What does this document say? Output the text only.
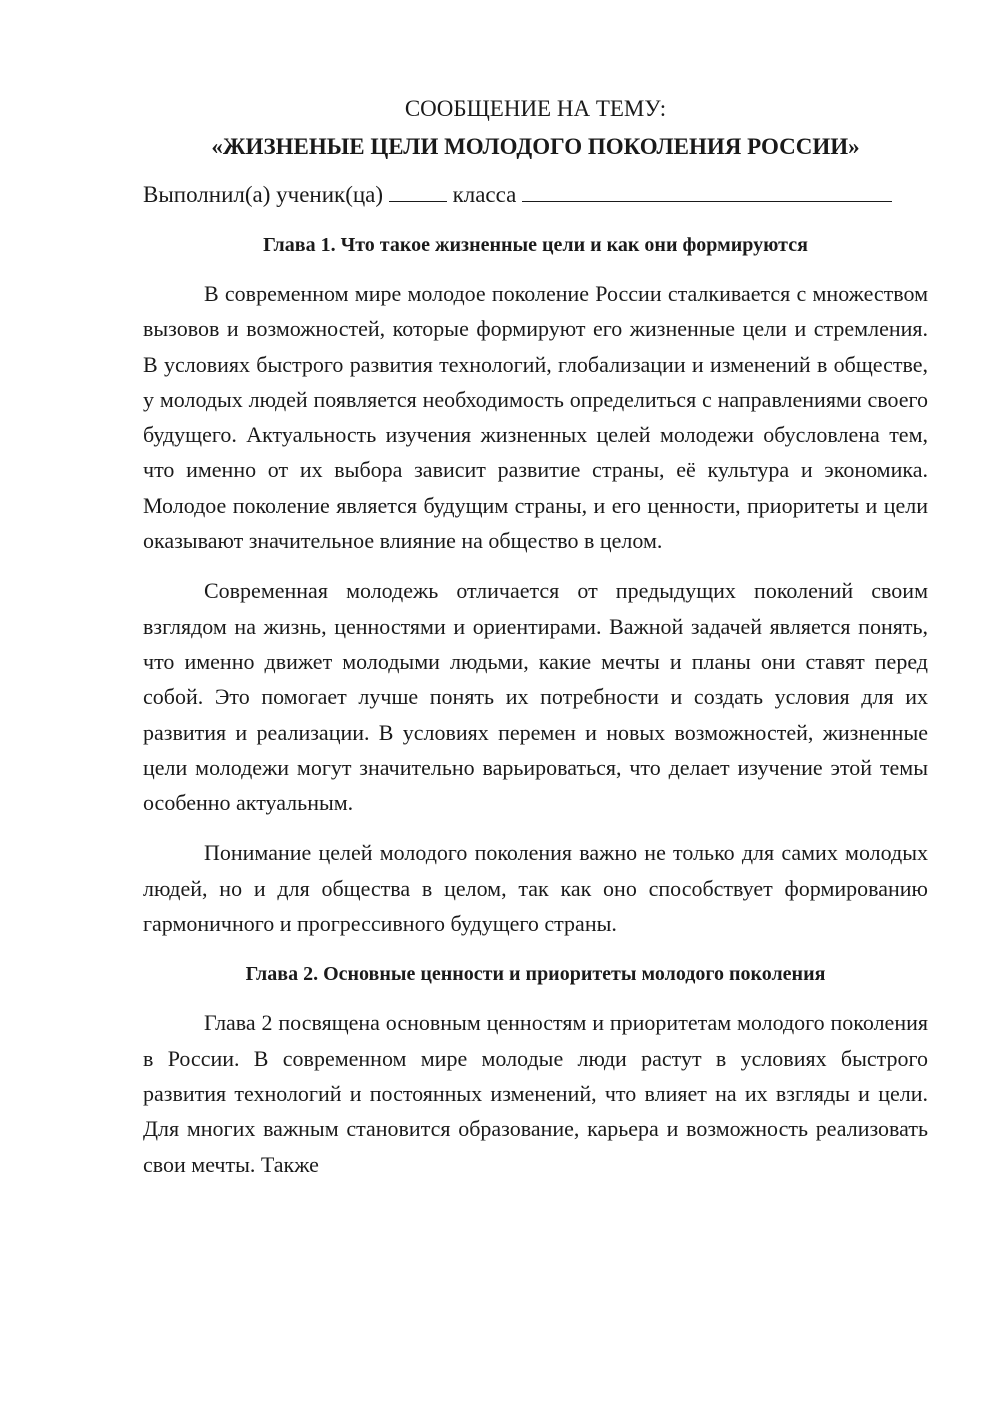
СООБЩЕНИЕ НА ТЕМУ:

«ЖИЗНЕНЫЕ ЦЕЛИ МОЛОДОГО ПОКОЛЕНИЯ РОССИИ»

Выполнил(а) ученик(ца)	класса

Глава 1. Что такое жизненные цели и как они формируются

В современном мире молодое поколение России сталкивается с множеством вызовов и возможностей, которые формируют его жизненные цели и стремления. В условиях быстрого развития технологий, глобализации и изменений в обществе, у молодых людей появляется необходимость определиться с направлениями своего будущего. Актуальность изучения жизненных целей молодежи обусловлена тем, что именно от их выбора зависит развитие страны, её культура и экономика. Молодое поколение является будущим страны, и его ценности, приоритеты и цели оказывают значительное влияние на общество в целом.

Современная молодежь отличается от предыдущих поколений своим взглядом на жизнь, ценностями и ориентирами. Важной задачей является понять, что именно движет молодыми людьми, какие мечты и планы они ставят перед собой. Это помогает лучше понять их потребности и создать условия для их развития и реализации. В условиях перемен и новых возможностей, жизненные цели молодежи могут значительно варьироваться, что делает изучение этой темы особенно актуальным.

Понимание целей молодого поколения важно не только для самих молодых людей, но и для общества в целом, так как оно способствует формированию гармоничного и прогрессивного будущего страны.

Глава 2. Основные ценности и приоритеты молодого поколения

Глава 2 посвящена основным ценностям и приоритетам молодого поколения в России. В современном мире молодые люди растут в условиях быстрого развития технологий и постоянных изменений, что влияет на их взгляды и цели. Для многих важным становится образование, карьера и возможность реализовать свои мечты. Также
